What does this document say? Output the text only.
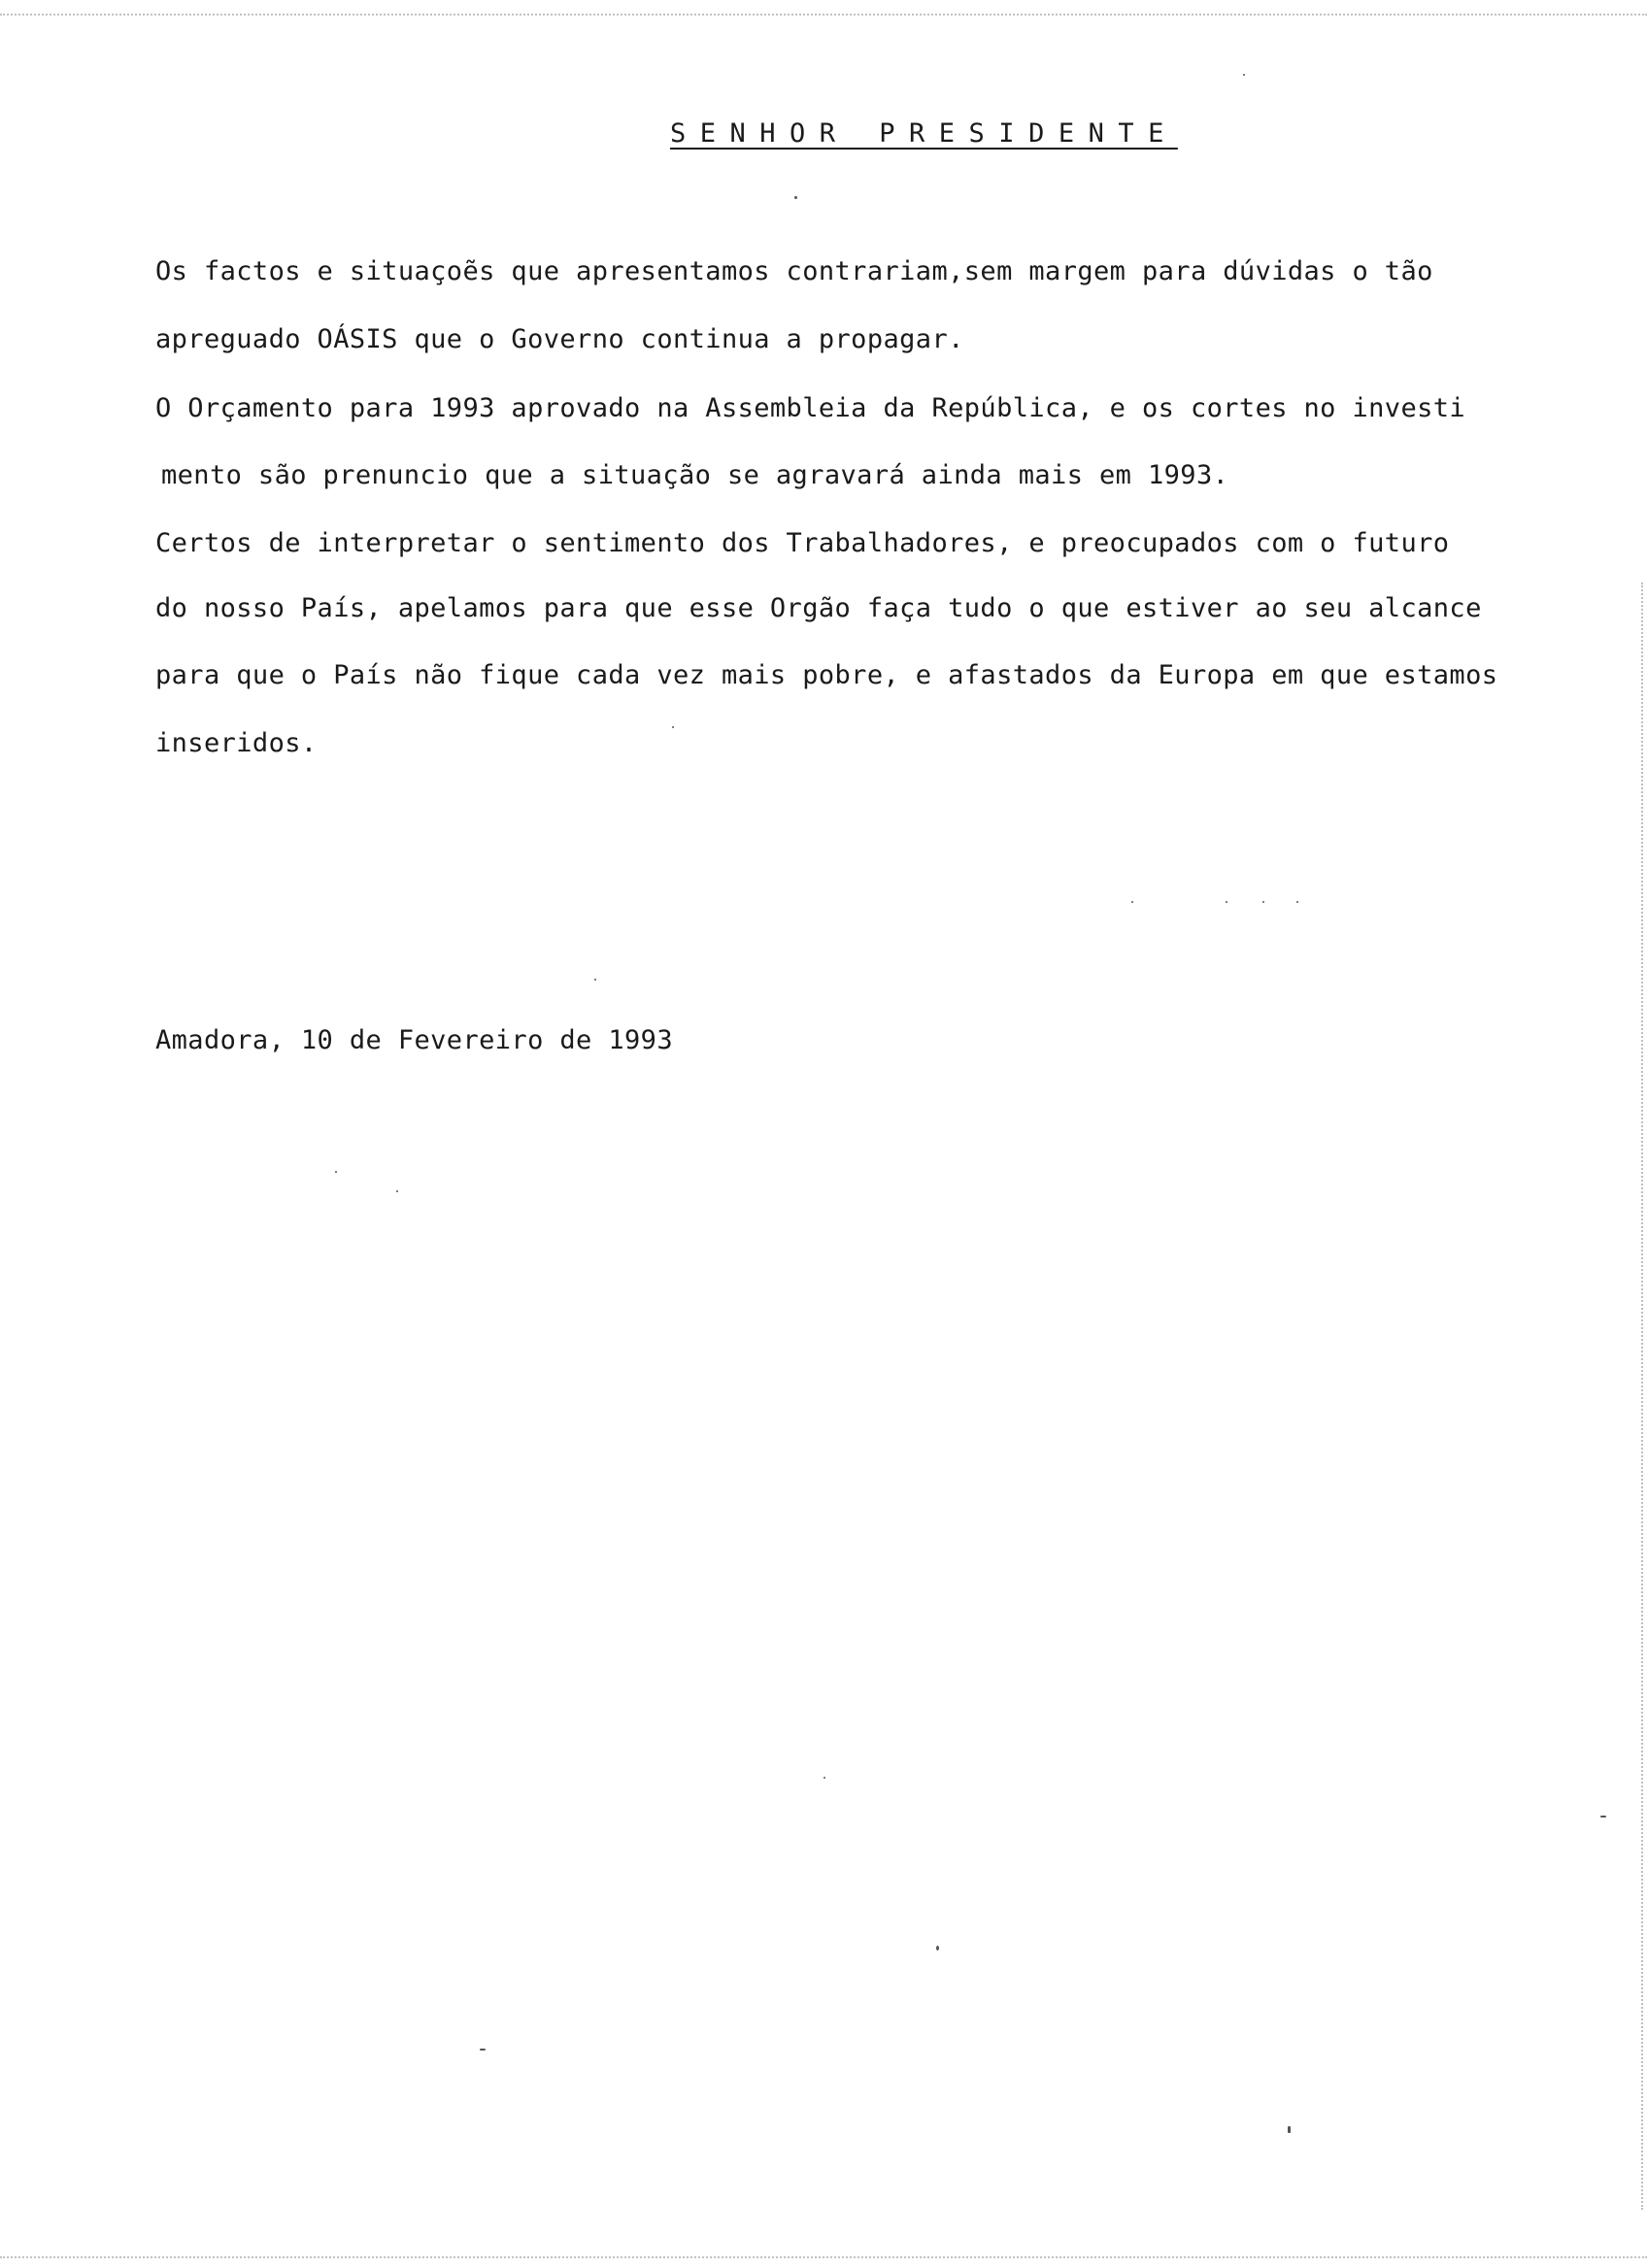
SENHOR PRESIDENTE
Os factos e situaçoẽs que apresentamos contrariam,sem margem para dúvidas o tão
apreguado OÁSIS que o Governo continua a propagar.
O Orçamento para 1993 aprovado na Assembleia da República, e os cortes no investi
mento são prenuncio que a situação se agravará ainda mais em 1993.
Certos de interpretar o sentimento dos Trabalhadores, e preocupados com o futuro
do nosso País, apelamos para que esse Orgão faça tudo o que estiver ao seu alcance
para que o País não fique cada vez mais pobre, e afastados da Europa em que estamos
inseridos.
Amadora, 10 de Fevereiro de 1993
